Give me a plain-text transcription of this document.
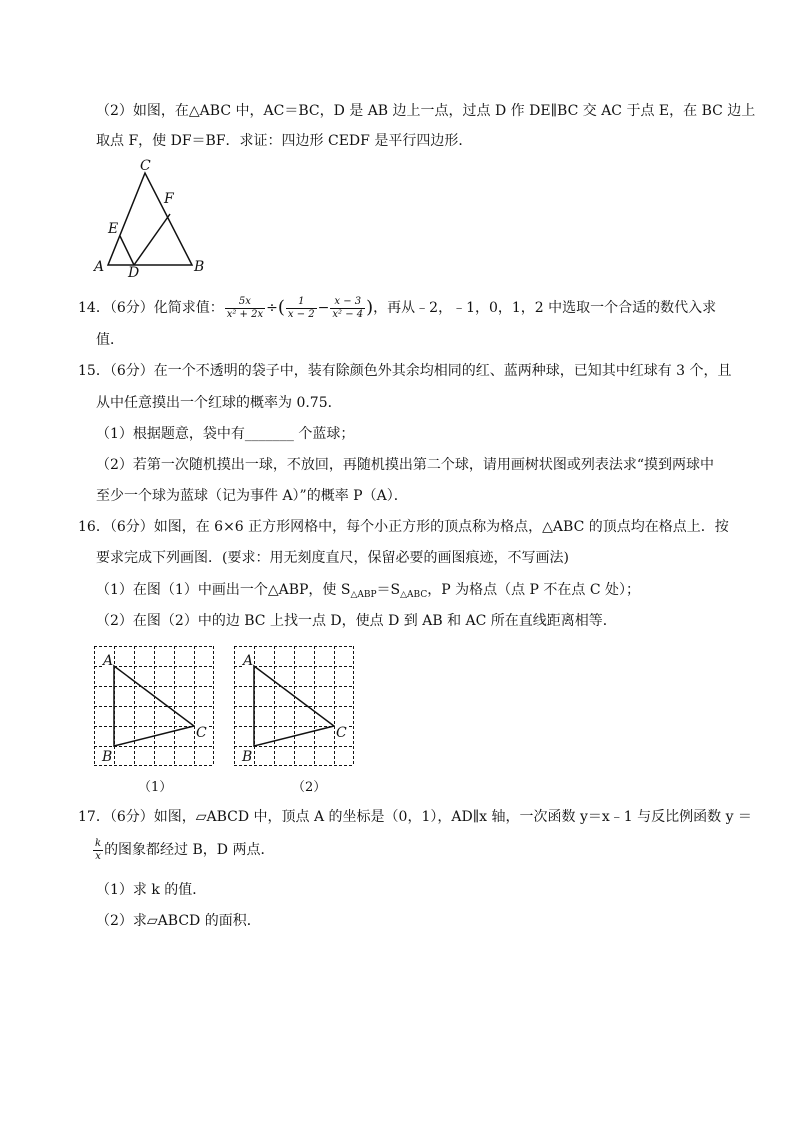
（2）如图，在△ABC 中，AC＝BC，D 是 AB 边上一点，过点 D 作 DE∥BC 交 AC 于点 E，在 BC 边上
取点 F，使 DF＝BF．求证：四边形 CEDF 是平行四边形．
C
F
E
A D	B
14．（6分）化简求值： $\frac{5x}{\text{x² + 2x}}$ ÷( $\frac{1}{x - 2} - \frac{x - 3}{\text{x² − 4}}$ )，再从﹣2，﹣1，0，1，2 中选取一个合适的数代入求
值．
15．（6分）在一个不透明的袋子中，装有除颜色外其余均相同的红、蓝两种球，已知其中红球有 3 个，且
从中任意摸出一个红球的概率为 0.75．
（1）根据题意，袋中有_______ 个蓝球；
（2）若第一次随机摸出一球，不放回，再随机摸出第二个球，请用画树状图或列表法求“摸到两球中
至少一个球为蓝球（记为事件 A）”的概率 P（A）．
16．（6分）如图，在 6×6 正方形网格中，每个小正方形的顶点称为格点，△ABC 的顶点均在格点上．按
要求完成下列画图．(要求：用无刻度直尺，保留必要的画图痕迹，不写画法)
（1）在图（1）中画出一个△ABP，使 $S_{\triangle ABP}=S_{\triangle ABC}$，P 为格点（点 P 不在点 C 处）；
（2）在图（2）中的边 BC 上找一点 D，使点 D 到 AB 和 AC 所在直线距离相等．
A
B
C
（1）
A
B
C
（2）
17．（6分）如图，▱ABCD 中，顶点 A 的坐标是（0，1），AD∥x 轴，一次函数 y＝x﹣1 与反比例函数 y ＝
$\frac{k}{x}$ 的图象都经过 B，D 两点．
（1）求 k 的值．
（2）求▱ABCD 的面积．
